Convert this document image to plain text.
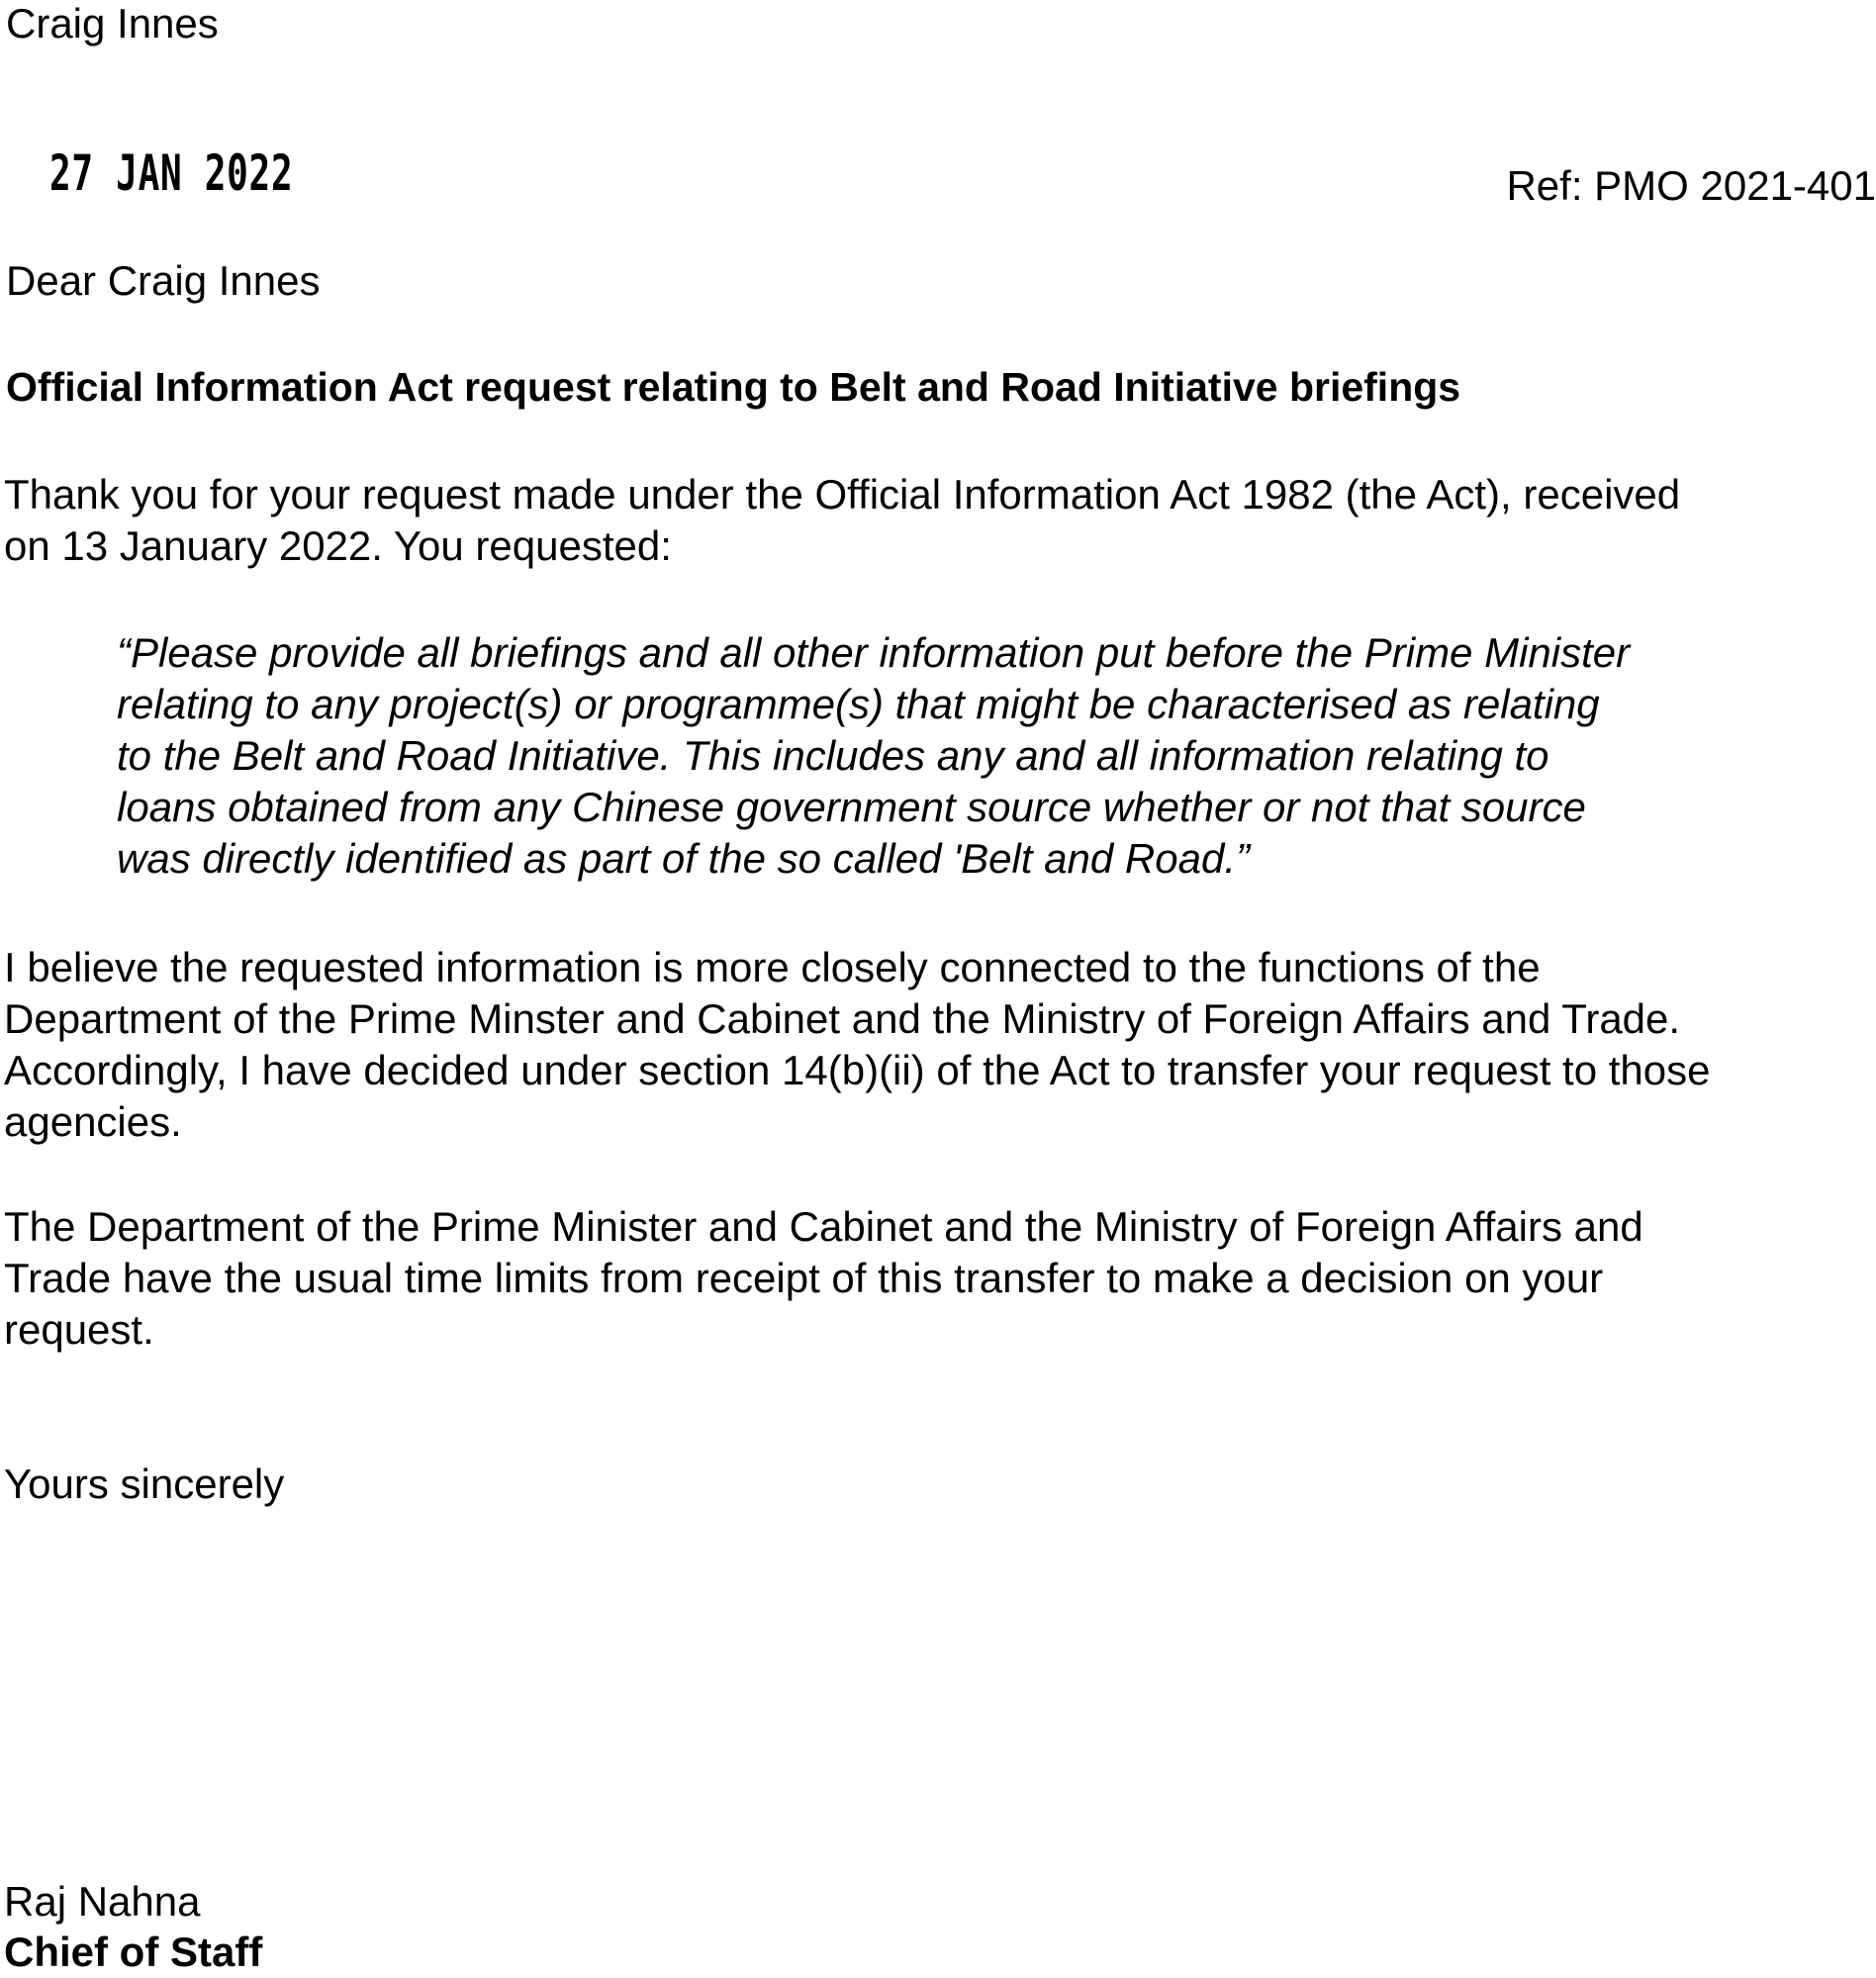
Craig Innes
27 JAN 2022	Ref: PMO 2021-401
Dear Craig Innes
Official Information Act request relating to Belt and Road Initiative briefings
Thank you for your request made under the Official Information Act 1982 (the Act), received
on 13 January 2022. You requested:
“Please provide all briefings and all other information put before the Prime Minister
relating to any project(s) or programme(s) that might be characterised as relating
to the Belt and Road Initiative. This includes any and all information relating to
loans obtained from any Chinese government source whether or not that source
was directly identified as part of the so called 'Belt and Road.”
I believe the requested information is more closely connected to the functions of the
Department of the Prime Minster and Cabinet and the Ministry of Foreign Affairs and Trade.
Accordingly, I have decided under section 14(b)(ii) of the Act to transfer your request to those
agencies.
The Department of the Prime Minister and Cabinet and the Ministry of Foreign Affairs and
Trade have the usual time limits from receipt of this transfer to make a decision on your
request.
Yours sincerely
Raj Nahna
Chief of Staff
